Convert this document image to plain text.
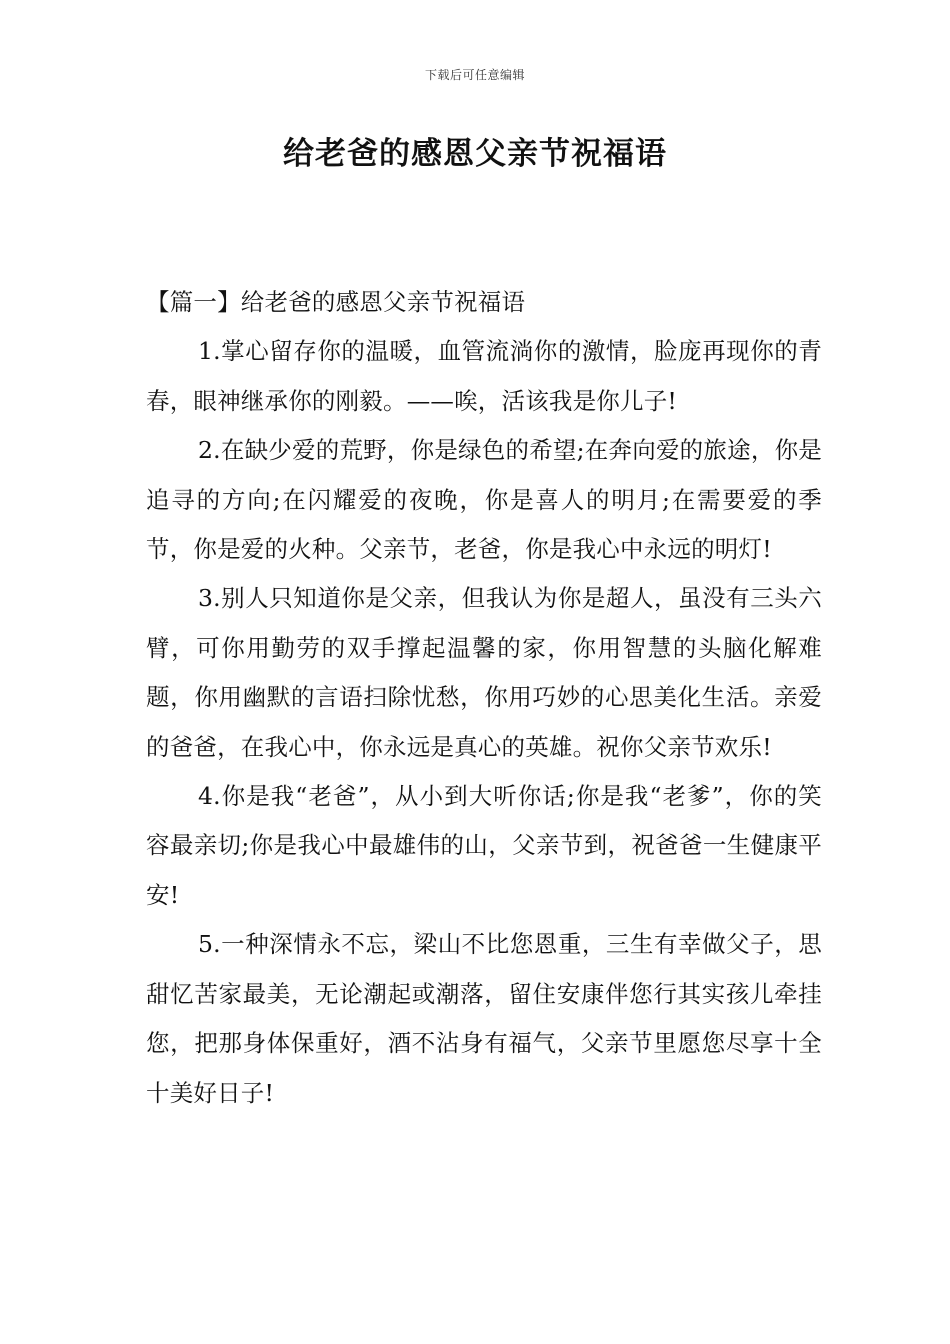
下载后可任意编辑
给老爸的感恩父亲节祝福语

【篇一】给老爸的感恩父亲节祝福语

1.掌心留存你的温暖，血管流淌你的激情，脸庞再现你的青春，眼神继承你的刚毅。——唉，活该我是你儿子!

2.在缺少爱的荒野，你是绿色的希望;在奔向爱的旅途，你是追寻的方向;在闪耀爱的夜晚，你是喜人的明月;在需要爱的季节，你是爱的火种。父亲节，老爸，你是我心中永远的明灯!

3.别人只知道你是父亲，但我认为你是超人，虽没有三头六臂，可你用勤劳的双手撑起温馨的家，你用智慧的头脑化解难题，你用幽默的言语扫除忧愁，你用巧妙的心思美化生活。亲爱的爸爸，在我心中，你永远是真心的英雄。祝你父亲节欢乐!

4.你是我“老爸”，从小到大听你话;你是我“老爹”，你的笑容最亲切;你是我心中最雄伟的山，父亲节到，祝爸爸一生健康平安!

5.一种深情永不忘，梁山不比您恩重，三生有幸做父子，思甜忆苦家最美，无论潮起或潮落，留住安康伴您行其实孩儿牵挂您，把那身体保重好，酒不沾身有福气，父亲节里愿您尽享十全十美好日子!
